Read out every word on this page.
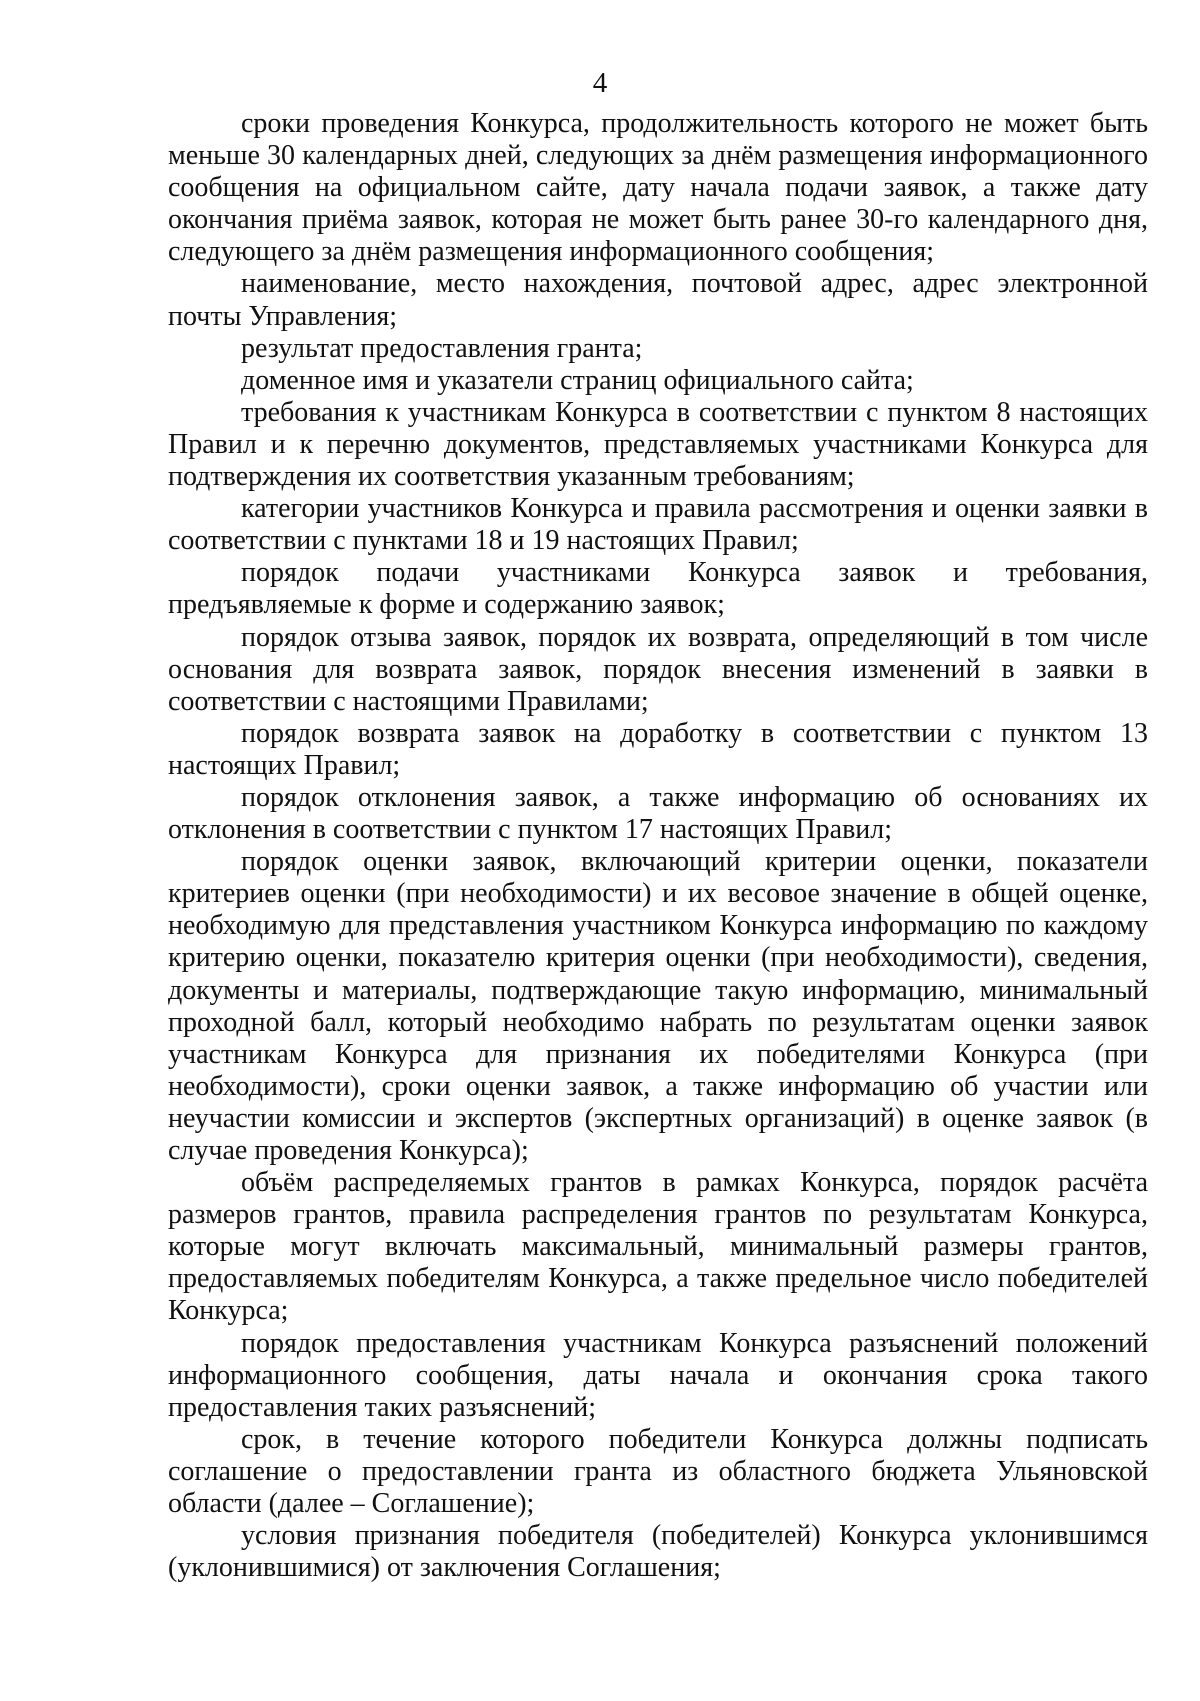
4

сроки проведения Конкурса, продолжительность которого не может быть меньше 30 календарных дней, следующих за днём размещения информационного сообщения на официальном сайте, дату начала подачи заявок, а также дату окончания приёма заявок, которая не может быть ранее 30-го календарного дня, следующего за днём размещения информационного сообщения;

наименование, место нахождения, почтовой адрес, адрес электронной почты Управления;

результат предоставления гранта;

доменное имя и указатели страниц официального сайта;

требования к участникам Конкурса в соответствии с пунктом 8 настоящих Правил и к перечню документов, представляемых участниками Конкурса для подтверждения их соответствия указанным требованиям;

категории участников Конкурса и правила рассмотрения и оценки заявки в соответствии с пунктами 18 и 19 настоящих Правил;

порядок подачи участниками Конкурса заявок и требования, предъявляемые к форме и содержанию заявок;

порядок отзыва заявок, порядок их возврата, определяющий в том числе основания для возврата заявок, порядок внесения изменений в заявки в соответствии с настоящими Правилами;

порядок возврата заявок на доработку в соответствии с пунктом 13 настоящих Правил;

порядок отклонения заявок, а также информацию об основаниях их отклонения в соответствии с пунктом 17 настоящих Правил;

порядок оценки заявок, включающий критерии оценки, показатели критериев оценки (при необходимости) и их весовое значение в общей оценке, необходимую для представления участником Конкурса информацию по каждому критерию оценки, показателю критерия оценки (при необходимости), сведения, документы и материалы, подтверждающие такую информацию, минимальный проходной балл, который необходимо набрать по результатам оценки заявок участникам Конкурса для признания их победителями Конкурса (при необходимости), сроки оценки заявок, а также информацию об участии или неучастии комиссии и экспертов (экспертных организаций) в оценке заявок (в случае проведения Конкурса);

объём распределяемых грантов в рамках Конкурса, порядок расчёта размеров грантов, правила распределения грантов по результатам Конкурса, которые могут включать максимальный, минимальный размеры грантов, предоставляемых победителям Конкурса, а также предельное число победителей Конкурса;

порядок предоставления участникам Конкурса разъяснений положений информационного сообщения, даты начала и окончания срока такого предоставления таких разъяснений;

срок, в течение которого победители Конкурса должны подписать соглашение о предоставлении гранта из областного бюджета Ульяновской области (далее – Соглашение);

условия признания победителя (победителей) Конкурса уклонившимся (уклонившимися) от заключения Соглашения;
